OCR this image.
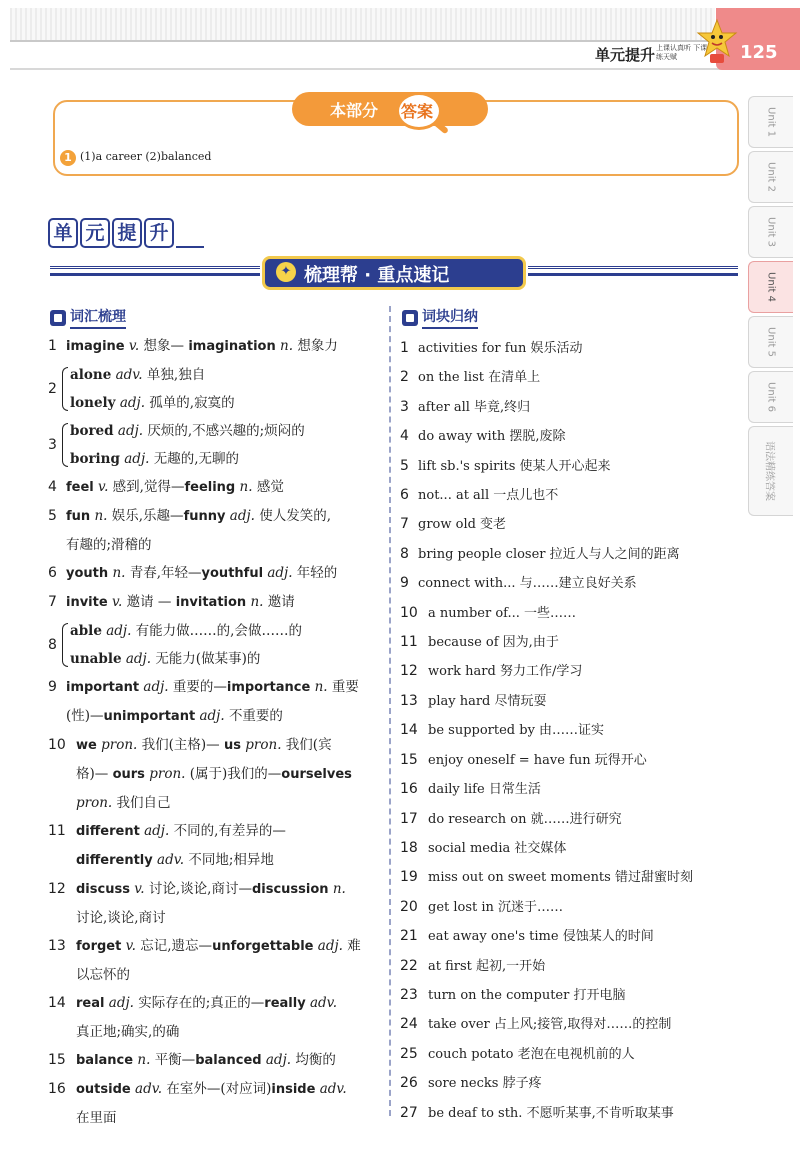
单元提升 上课认真听 下课练天赋	125
Unit 1
Unit 2
Unit 3
Unit 4
Unit 5
Unit 6
语法精练答案
本部分 答案
1 (1)a career (2)balanced
单 元 提 升
✦ 梳理帮 · 重点速记
词汇梳理	词块归纳
1 imagine v. 想象— imagination n. 想象力
2
alone adv. 单独,独自
lonely adj. 孤单的,寂寞的
3
bored adj. 厌烦的,不感兴趣的;烦闷的
boring adj. 无趣的,无聊的
4 feel v. 感到,觉得—feeling n. 感觉
5 fun n. 娱乐,乐趣—funny adj. 使人发笑的,
有趣的;滑稽的
6 youth n. 青春,年轻—youthful adj. 年轻的
7 invite v. 邀请 — invitation n. 邀请
8
able adj. 有能力做……的,会做……的
unable adj. 无能力(做某事)的
9 important adj. 重要的—importance n. 重要
(性)—unimportant adj. 不重要的
10 we pron. 我们(主格)— us pron. 我们(宾
格)— ours pron. (属于)我们的—ourselves
pron. 我们自己
11 different adj. 不同的,有差异的—
differently adv. 不同地;相异地
12 discuss v. 讨论,谈论,商讨—discussion n.
讨论,谈论,商讨
13 forget v. 忘记,遗忘—unforgettable adj. 难
以忘怀的
14 real adj. 实际存在的;真正的—really adv.
真正地;确实,的确
15 balance n. 平衡—balanced adj. 均衡的
16 outside adv. 在室外—(对应词)inside adv.
在里面
1 activities for fun 娱乐活动
2 on the list 在清单上
3 after all 毕竟,终归
4 do away with 摆脱,废除
5 lift sb.'s spirits 使某人开心起来
6 not... at all 一点儿也不
7 grow old 变老
8 bring people closer 拉近人与人之间的距离
9 connect with... 与……建立良好关系
10 a number of... 一些……
11 because of 因为,由于
12 work hard 努力工作/学习
13 play hard 尽情玩耍
14 be supported by 由……证实
15 enjoy oneself = have fun 玩得开心
16 daily life 日常生活
17 do research on 就……进行研究
18 social media 社交媒体
19 miss out on sweet moments 错过甜蜜时刻
20 get lost in 沉迷于……
21 eat away one's time 侵蚀某人的时间
22 at first 起初,一开始
23 turn on the computer 打开电脑
24 take over 占上风;接管,取得对……的控制
25 couch potato 老泡在电视机前的人
26 sore necks 脖子疼
27 be deaf to sth. 不愿听某事,不肯听取某事
